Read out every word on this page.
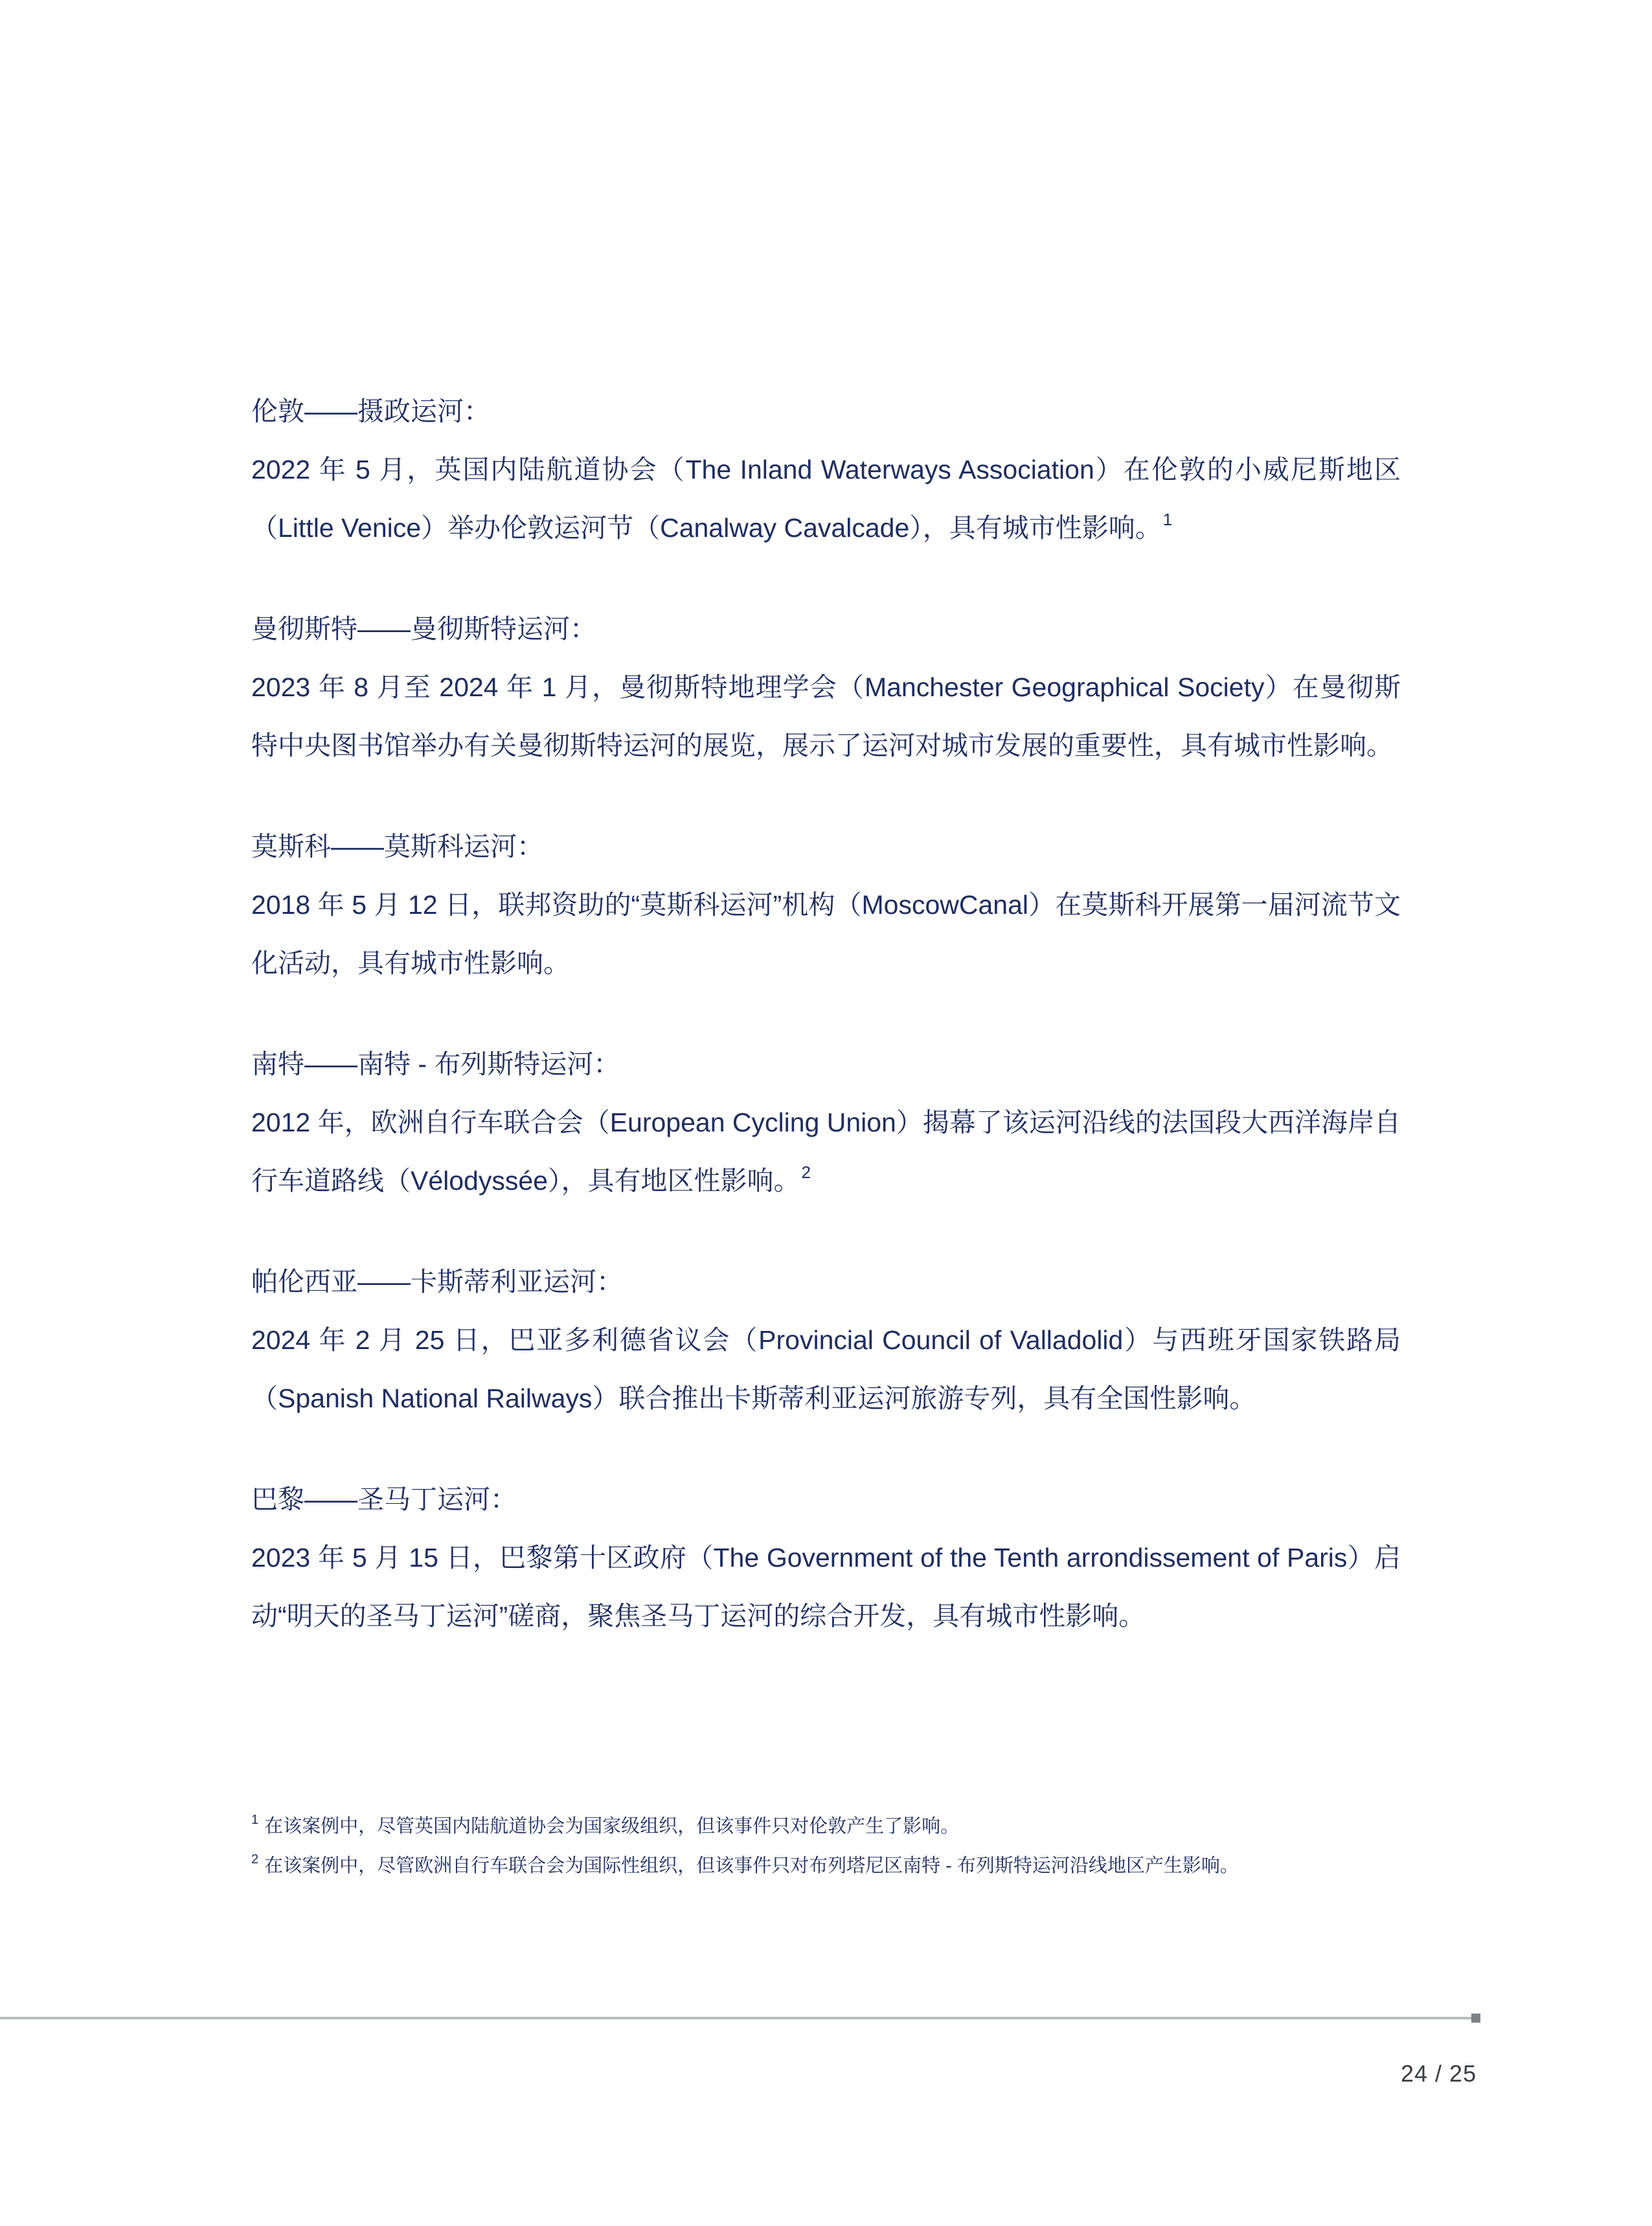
伦敦——摄政运河：

2022 年 5 月，英国内陆航道协会（The Inland Waterways Association）在伦敦的小威尼斯地区（Little Venice）举办伦敦运河节（Canalway Cavalcade），具有城市性影响。$^1$

曼彻斯特——曼彻斯特运河：

2023 年 8 月至 2024 年 1 月，曼彻斯特地理学会（Manchester Geographical Society）在曼彻斯特中央图书馆举办有关曼彻斯特运河的展览，展示了运河对城市发展的重要性，具有城市性影响。

莫斯科——莫斯科运河：

2018 年 5 月 12 日，联邦资助的“莫斯科运河”机构（MoscowCanal）在莫斯科开展第一届河流节文化活动，具有城市性影响。

南特——南特 - 布列斯特运河：

2012 年，欧洲自行车联合会（European Cycling Union）揭幕了该运河沿线的法国段大西洋海岸自行车道路线（Vélodyssée），具有地区性影响。$^2$

帕伦西亚——卡斯蒂利亚运河：

2024 年 2 月 25 日，巴亚多利德省议会（Provincial Council of Valladolid）与西班牙国家铁路局（Spanish National Railways）联合推出卡斯蒂利亚运河旅游专列，具有全国性影响。

巴黎——圣马丁运河：

2023 年 5 月 15 日，巴黎第十区政府（The Government of the Tenth arrondissement of Paris）启动“明天的圣马丁运河”磋商，聚焦圣马丁运河的综合开发，具有城市性影响。

$^1$ 在该案例中，尽管英国内陆航道协会为国家级组织，但该事件只对伦敦产生了影响。
$^2$ 在该案例中，尽管欧洲自行车联合会为国际性组织，但该事件只对布列塔尼区南特 - 布列斯特运河沿线地区产生影响。
24 / 25
